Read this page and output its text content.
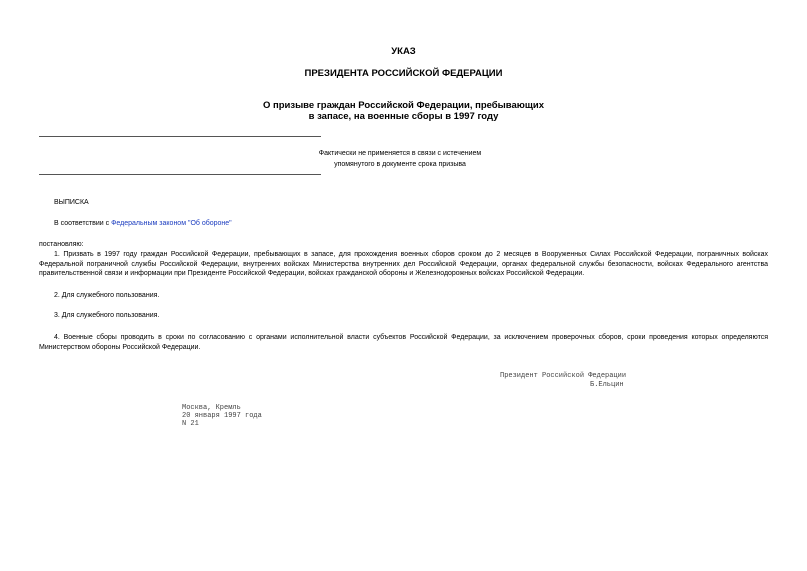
УКАЗ
ПРЕЗИДЕНТА РОССИЙСКОЙ ФЕДЕРАЦИИ
О призыве граждан Российской Федерации, пребывающих
в запасе, на военные сборы в 1997 году
Фактически не применяется в связи с истечением
упомянутого в документе срока призыва
ВЫПИСКА
В соответствии с Федеральным законом "Об обороне"
постановляю:
1. Призвать в 1997 году граждан Российской Федерации, пребывающих в запасе, для прохождения военных сборов сроком до 2 месяцев в Вооруженных Силах Российской Федерации, пограничных войсках Федеральной пограничной службы Российской Федерации, внутренних войсках Министерства внутренних дел Российской Федерации, органах федеральной службы безопасности, войсках Федерального агентства правительственной связи и информации при Президенте Российской Федерации, войсках гражданской обороны и Железнодорожных войсках Российской Федерации.
2. Для служебного пользования.
3. Для служебного пользования.
4. Военные сборы проводить в сроки по согласованию с органами исполнительной власти субъектов Российской Федерации, за исключением проверочных сборов, сроки проведения которых определяются Министерством обороны Российской Федерации.
Президент Российской Федерации
Б.Ельцин
Москва, Кремль
20 января 1997 года
N 21
